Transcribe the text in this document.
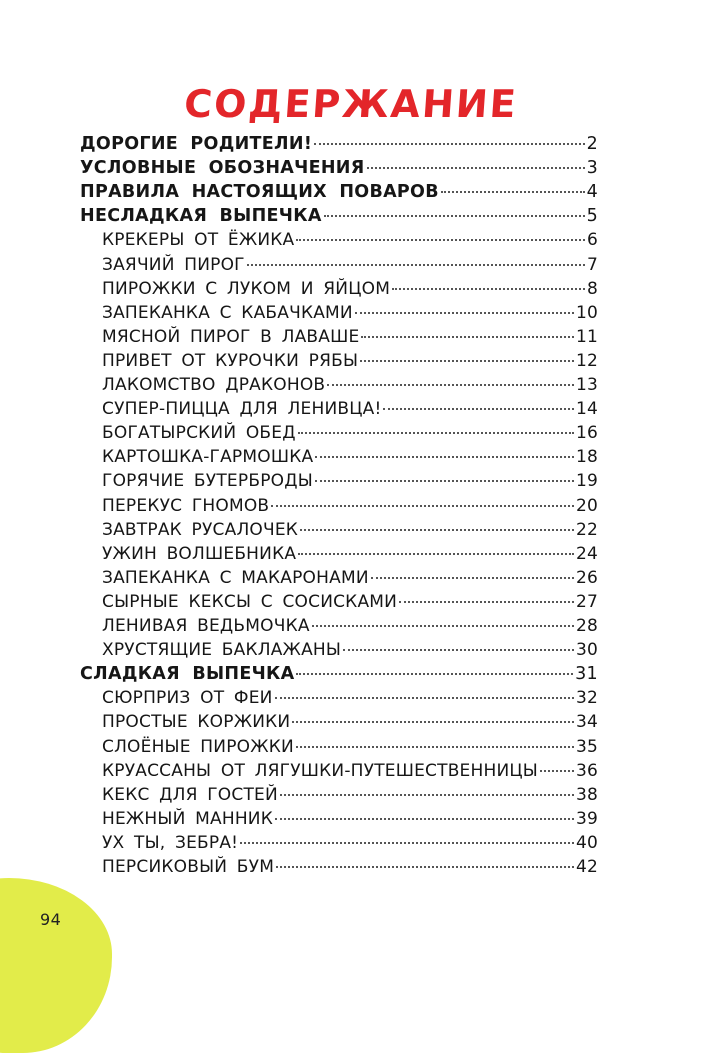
94
СОДЕРЖАНИЕ
ДОРОГИЕ РОДИТЕЛИ!	2
УСЛОВНЫЕ ОБОЗНАЧЕНИЯ	3
ПРАВИЛА НАСТОЯЩИХ ПОВАРОВ	4
НЕСЛАДКАЯ ВЫПЕЧКА	5
КРЕКЕРЫ ОТ ЁЖИКА	6
ЗАЯЧИЙ ПИРОГ	7
ПИРОЖКИ С ЛУКОМ И ЯЙЦОМ	8
ЗАПЕКАНКА С КАБАЧКАМИ	10
МЯСНОЙ ПИРОГ В ЛАВАШЕ	11
ПРИВЕТ ОТ КУРОЧКИ РЯБЫ	12
ЛАКОМСТВО ДРАКОНОВ	13
СУПЕР-ПИЦЦА ДЛЯ ЛЕНИВЦА!	14
БОГАТЫРСКИЙ ОБЕД	16
КАРТОШКА-ГАРМОШКА	18
ГОРЯЧИЕ БУТЕРБРОДЫ	19
ПЕРЕКУС ГНОМОВ	20
ЗАВТРАК РУСАЛОЧЕК	22
УЖИН ВОЛШЕБНИКА	24
ЗАПЕКАНКА С МАКАРОНАМИ	26
СЫРНЫЕ КЕКСЫ С СОСИСКАМИ	27
ЛЕНИВАЯ ВЕДЬМОЧКА	28
ХРУСТЯЩИЕ БАКЛАЖАНЫ	30
СЛАДКАЯ ВЫПЕЧКА	31
СЮРПРИЗ ОТ ФЕИ	32
ПРОСТЫЕ КОРЖИКИ	34
СЛОЁНЫЕ ПИРОЖКИ	35
КРУАССАНЫ ОТ ЛЯГУШКИ-ПУТЕШЕСТВЕННИЦЫ 36
КЕКС ДЛЯ ГОСТЕЙ	38
НЕЖНЫЙ МАННИК	39
УХ ТЫ, ЗЕБРА!	40
ПЕРСИКОВЫЙ БУМ	42
